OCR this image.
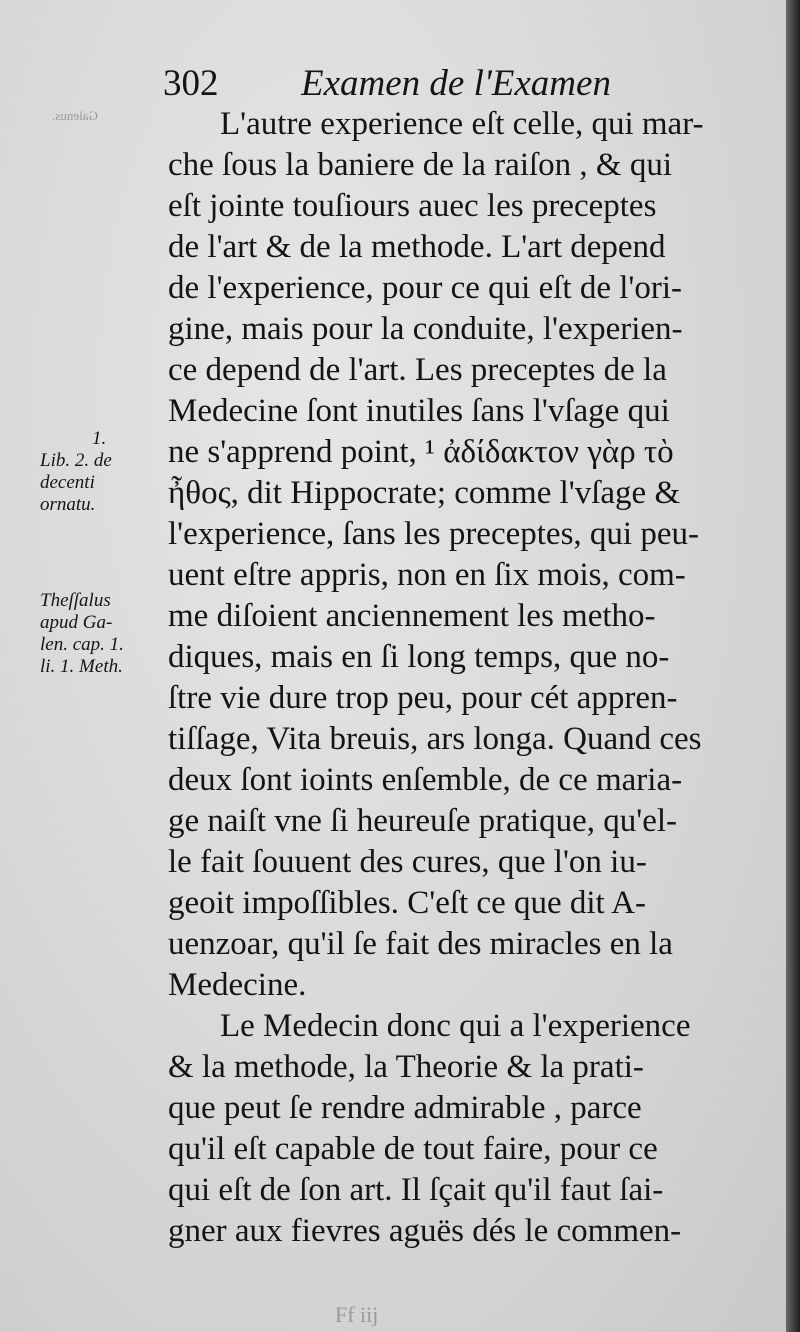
Galenus.
302 Examen de l'Examen
1.
Lib. 2. de
decenti
ornatu.
Theſſalus
apud Ga-
len. cap. 1.
li. 1. Meth.
L'autre experience eſt celle, qui mar-
che ſous la baniere de la raiſon , & qui
eſt jointe touſiours auec les preceptes
de l'art & de la methode. L'art depend
de l'experience, pour ce qui eſt de l'ori-
gine, mais pour la conduite, l'experien-
ce depend de l'art. Les preceptes de la
Medecine ſont inutiles ſans l'vſage qui
ne s'apprend point, ¹ ἀδίδακτον γὰρ τὸ
ἦθος, dit Hippocrate; comme l'vſage &
l'experience, ſans les preceptes, qui peu-
uent eſtre appris, non en ſix mois, com-
me diſoient anciennement les metho-
diques, mais en ſi long temps, que no-
ſtre vie dure trop peu, pour cét appren-
tiſſage, Vita breuis, ars longa. Quand ces
deux ſont ioints enſemble, de ce maria-
ge naiſt vne ſi heureuſe pratique, qu'el-
le fait ſouuent des cures, que l'on iu-
geoit impoſſibles. C'eſt ce que dit A-
uenzoar, qu'il ſe fait des miracles en la
Medecine.
Le Medecin donc qui a l'experience
& la methode, la Theorie & la prati-
que peut ſe rendre admirable , parce
qu'il eſt capable de tout faire, pour ce
qui eſt de ſon art. Il ſçait qu'il faut ſai-
gner aux fievres aguës dés le commen-
Ff iij
